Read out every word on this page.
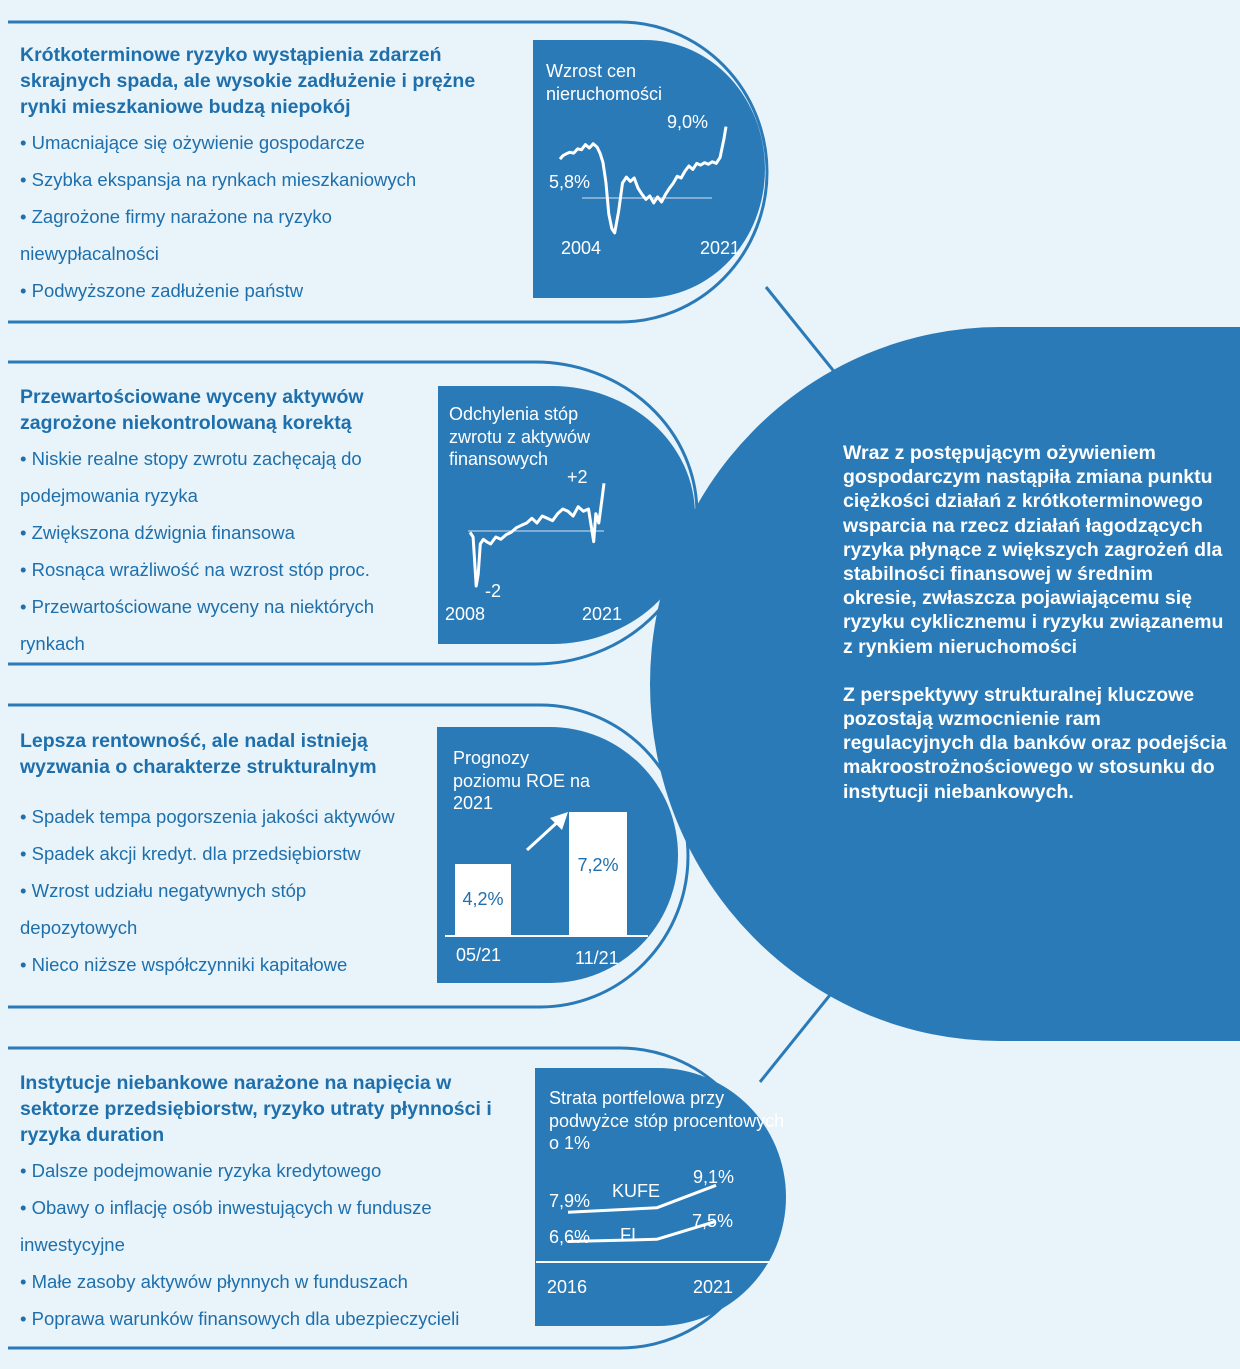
Krótkoterminowe ryzyko wystąpienia zdarzeń skrajnych spada, ale wysokie zadłużenie i prężne rynki mieszkaniowe budzą niepokój
• Umacniające się ożywienie gospodarcze
• Szybka ekspansja na rynkach mieszkaniowych
• Zagrożone firmy narażone na ryzyko
niewypłacalności
• Podwyższone zadłużenie państw
Przewartościowane wyceny aktywów zagrożone niekontrolowaną korektą
• Niskie realne stopy zwrotu zachęcają do
podejmowania ryzyka
• Zwiększona dźwignia finansowa
• Rosnąca wrażliwość na wzrost stóp proc.
• Przewartościowane wyceny na niektórych
rynkach
Lepsza rentowność, ale nadal istnieją wyzwania o charakterze strukturalnym
• Spadek tempa pogorszenia jakości aktywów
• Spadek akcji kredyt. dla przedsiębiorstw
• Wzrost udziału negatywnych stóp
depozytowych
• Nieco niższe współczynniki kapitałowe
Instytucje niebankowe narażone na napięcia w sektorze przedsiębiorstw, ryzyko utraty płynności i ryzyka duration
• Dalsze podejmowanie ryzyka kredytowego
• Obawy o inflację osób inwestujących w fundusze
inwestycyjne
• Małe zasoby aktywów płynnych w funduszach
• Poprawa warunków finansowych dla ubezpieczycieli

Wraz z postępującym ożywieniem gospodarczym nastąpiła zmiana punktu ciężkości działań z krótkoterminowego wsparcia na rzecz działań łagodzących ryzyka płynące z większych zagrożeń dla stabilności finansowej w średnim okresie, zwłaszcza pojawiającemu się ryzyku cyklicznemu i ryzyku związanemu z rynkiem nieruchomości

Z perspektywy strukturalnej kluczowe pozostają wzmocnienie ram regulacyjnych dla banków oraz podejścia makroostrożnościowego w stosunku do instytucji niebankowych.

Wzrost cen nieruchomości
9,0%
5,8%
2004	2021
Odchylenia stóp zwrotu z aktywów finansowych
+2
-2
2008	2021
Prognozy poziomu ROE na 2021
4,2%
7,2%
05/21	11/21
Strata portfelowa przy podwyżce stóp procentowych o 1%
9,1%
KUFE
7,9%
7,5%
FI
6,6%
2016	2021
